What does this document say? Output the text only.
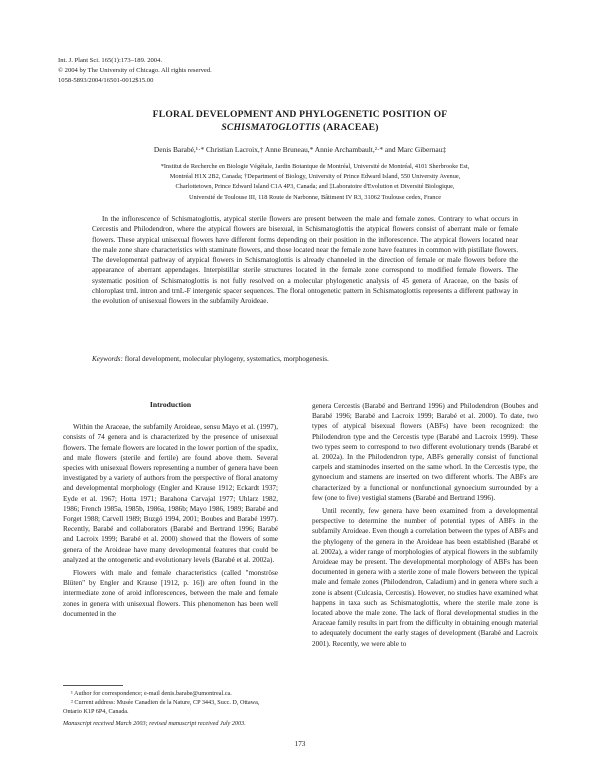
Int. J. Plant Sci. 165(1):173–189. 2004.
© 2004 by The University of Chicago. All rights reserved.
1058-5893/2004/16501-0012$15.00
FLORAL DEVELOPMENT AND PHYLOGENETIC POSITION OF
SCHISMATOGLOTTIS (ARACEAE)
Denis Barabé,¹·* Christian Lacroix,† Anne Bruneau,* Annie Archambault,²·* and Marc Gibernau‡
*Institut de Recherche en Biologie Végétale, Jardin Botanique de Montréal, Université de Montréal, 4101 Sherbrooke Est,
Montréal H1X 2B2, Canada; †Department of Biology, University of Prince Edward Island, 550 University Avenue,
Charlottetown, Prince Edward Island C1A 4P3, Canada; and ‡Laboratoire d'Evolution et Diversité Biologique,
Université de Toulouse III, 118 Route de Narbonne, Bâtiment IV R3, 31062 Toulouse cedex, France
In the inflorescence of Schismatoglottis, atypical sterile flowers are present between the male and female zones. Contrary to what occurs in Cercestis and Philodendron, where the atypical flowers are bisexual, in Schismatoglottis the atypical flowers consist of aberrant male or female flowers. These atypical unisexual flowers have different forms depending on their position in the inflorescence. The atypical flowers located near the male zone share characteristics with staminate flowers, and those located near the female zone have features in common with pistillate flowers. The developmental pathway of atypical flowers in Schismatoglottis is already channeled in the direction of female or male flowers before the appearance of aberrant appendages. Interpistillar sterile structures located in the female zone correspond to modified female flowers. The systematic position of Schismatoglottis is not fully resolved on a molecular phylogenetic analysis of 45 genera of Araceae, on the basis of chloroplast trnL intron and trnL-F intergenic spacer sequences. The floral ontogenetic pattern in Schismatoglottis represents a different pathway in the evolution of unisexual flowers in the subfamily Aroideae.
Keywords: floral development, molecular phylogeny, systematics, morphogenesis.
Introduction

Within the Araceae, the subfamily Aroideae, sensu Mayo et al. (1997), consists of 74 genera and is characterized by the presence of unisexual flowers. The female flowers are located in the lower portion of the spadix, and male flowers (sterile and fertile) are found above them. Several species with unisexual flowers representing a number of genera have been investigated by a variety of authors from the perspective of floral anatomy and developmental morphology (Engler and Krause 1912; Eckardt 1937; Eyde et al. 1967; Hotta 1971; Barahona Carvajal 1977; Uhlarz 1982, 1986; French 1985a, 1985b, 1986a, 1986b; Mayo 1986, 1989; Barabé and Forget 1988; Carvell 1989; Buzgó 1994, 2001; Boubes and Barabé 1997). Recently, Barabé and collaborators (Barabé and Bertrand 1996; Barabé and Lacroix 1999; Barabé et al. 2000) showed that the flowers of some genera of the Aroideae have many developmental features that could be analyzed at the ontogenetic and evolutionary levels (Barabé et al. 2002a).

Flowers with male and female characteristics (called "monströse Blüten" by Engler and Krause [1912, p. 16]) are often found in the intermediate zone of aroid inflorescences, between the male and female zones in genera with unisexual flowers. This phenomenon has been well documented in the

genera Cercestis (Barabé and Bertrand 1996) and Philodendron (Boubes and Barabé 1996; Barabé and Lacroix 1999; Barabé et al. 2000). To date, two types of atypical bisexual flowers (ABFs) have been recognized: the Philodendron type and the Cercestis type (Barabé and Lacroix 1999). These two types seem to correspond to two different evolutionary trends (Barabé et al. 2002a). In the Philodendron type, ABFs generally consist of functional carpels and staminodes inserted on the same whorl. In the Cercestis type, the gynoecium and stamens are inserted on two different whorls. The ABFs are characterized by a functional or nonfunctional gynoecium surrounded by a few (one to five) vestigial stamens (Barabé and Bertrand 1996).

Until recently, few genera have been examined from a developmental perspective to determine the number of potential types of ABFs in the subfamily Aroideae. Even though a correlation between the types of ABFs and the phylogeny of the genera in the Aroideae has been established (Barabé et al. 2002a), a wider range of morphologies of atypical flowers in the subfamily Aroideae may be present. The developmental morphology of ABFs has been documented in genera with a sterile zone of male flowers between the typical male and female zones (Philodendron, Caladium) and in genera where such a zone is absent (Culcasia, Cercestis). However, no studies have examined what happens in taxa such as Schismatoglottis, where the sterile male zone is located above the male zone. The lack of floral developmental studies in the Araceae family results in part from the difficulty in obtaining enough material to adequately document the early stages of development (Barabé and Lacroix 2001). Recently, we were able to

¹ Author for correspondence; e-mail denis.barabe@umontreal.ca.
² Current address: Musée Canadien de la Nature, CP 3443, Succ. D, Ottawa, Ontario K1P 6P4, Canada.
Manuscript received March 2003; revised manuscript received July 2003.
173
